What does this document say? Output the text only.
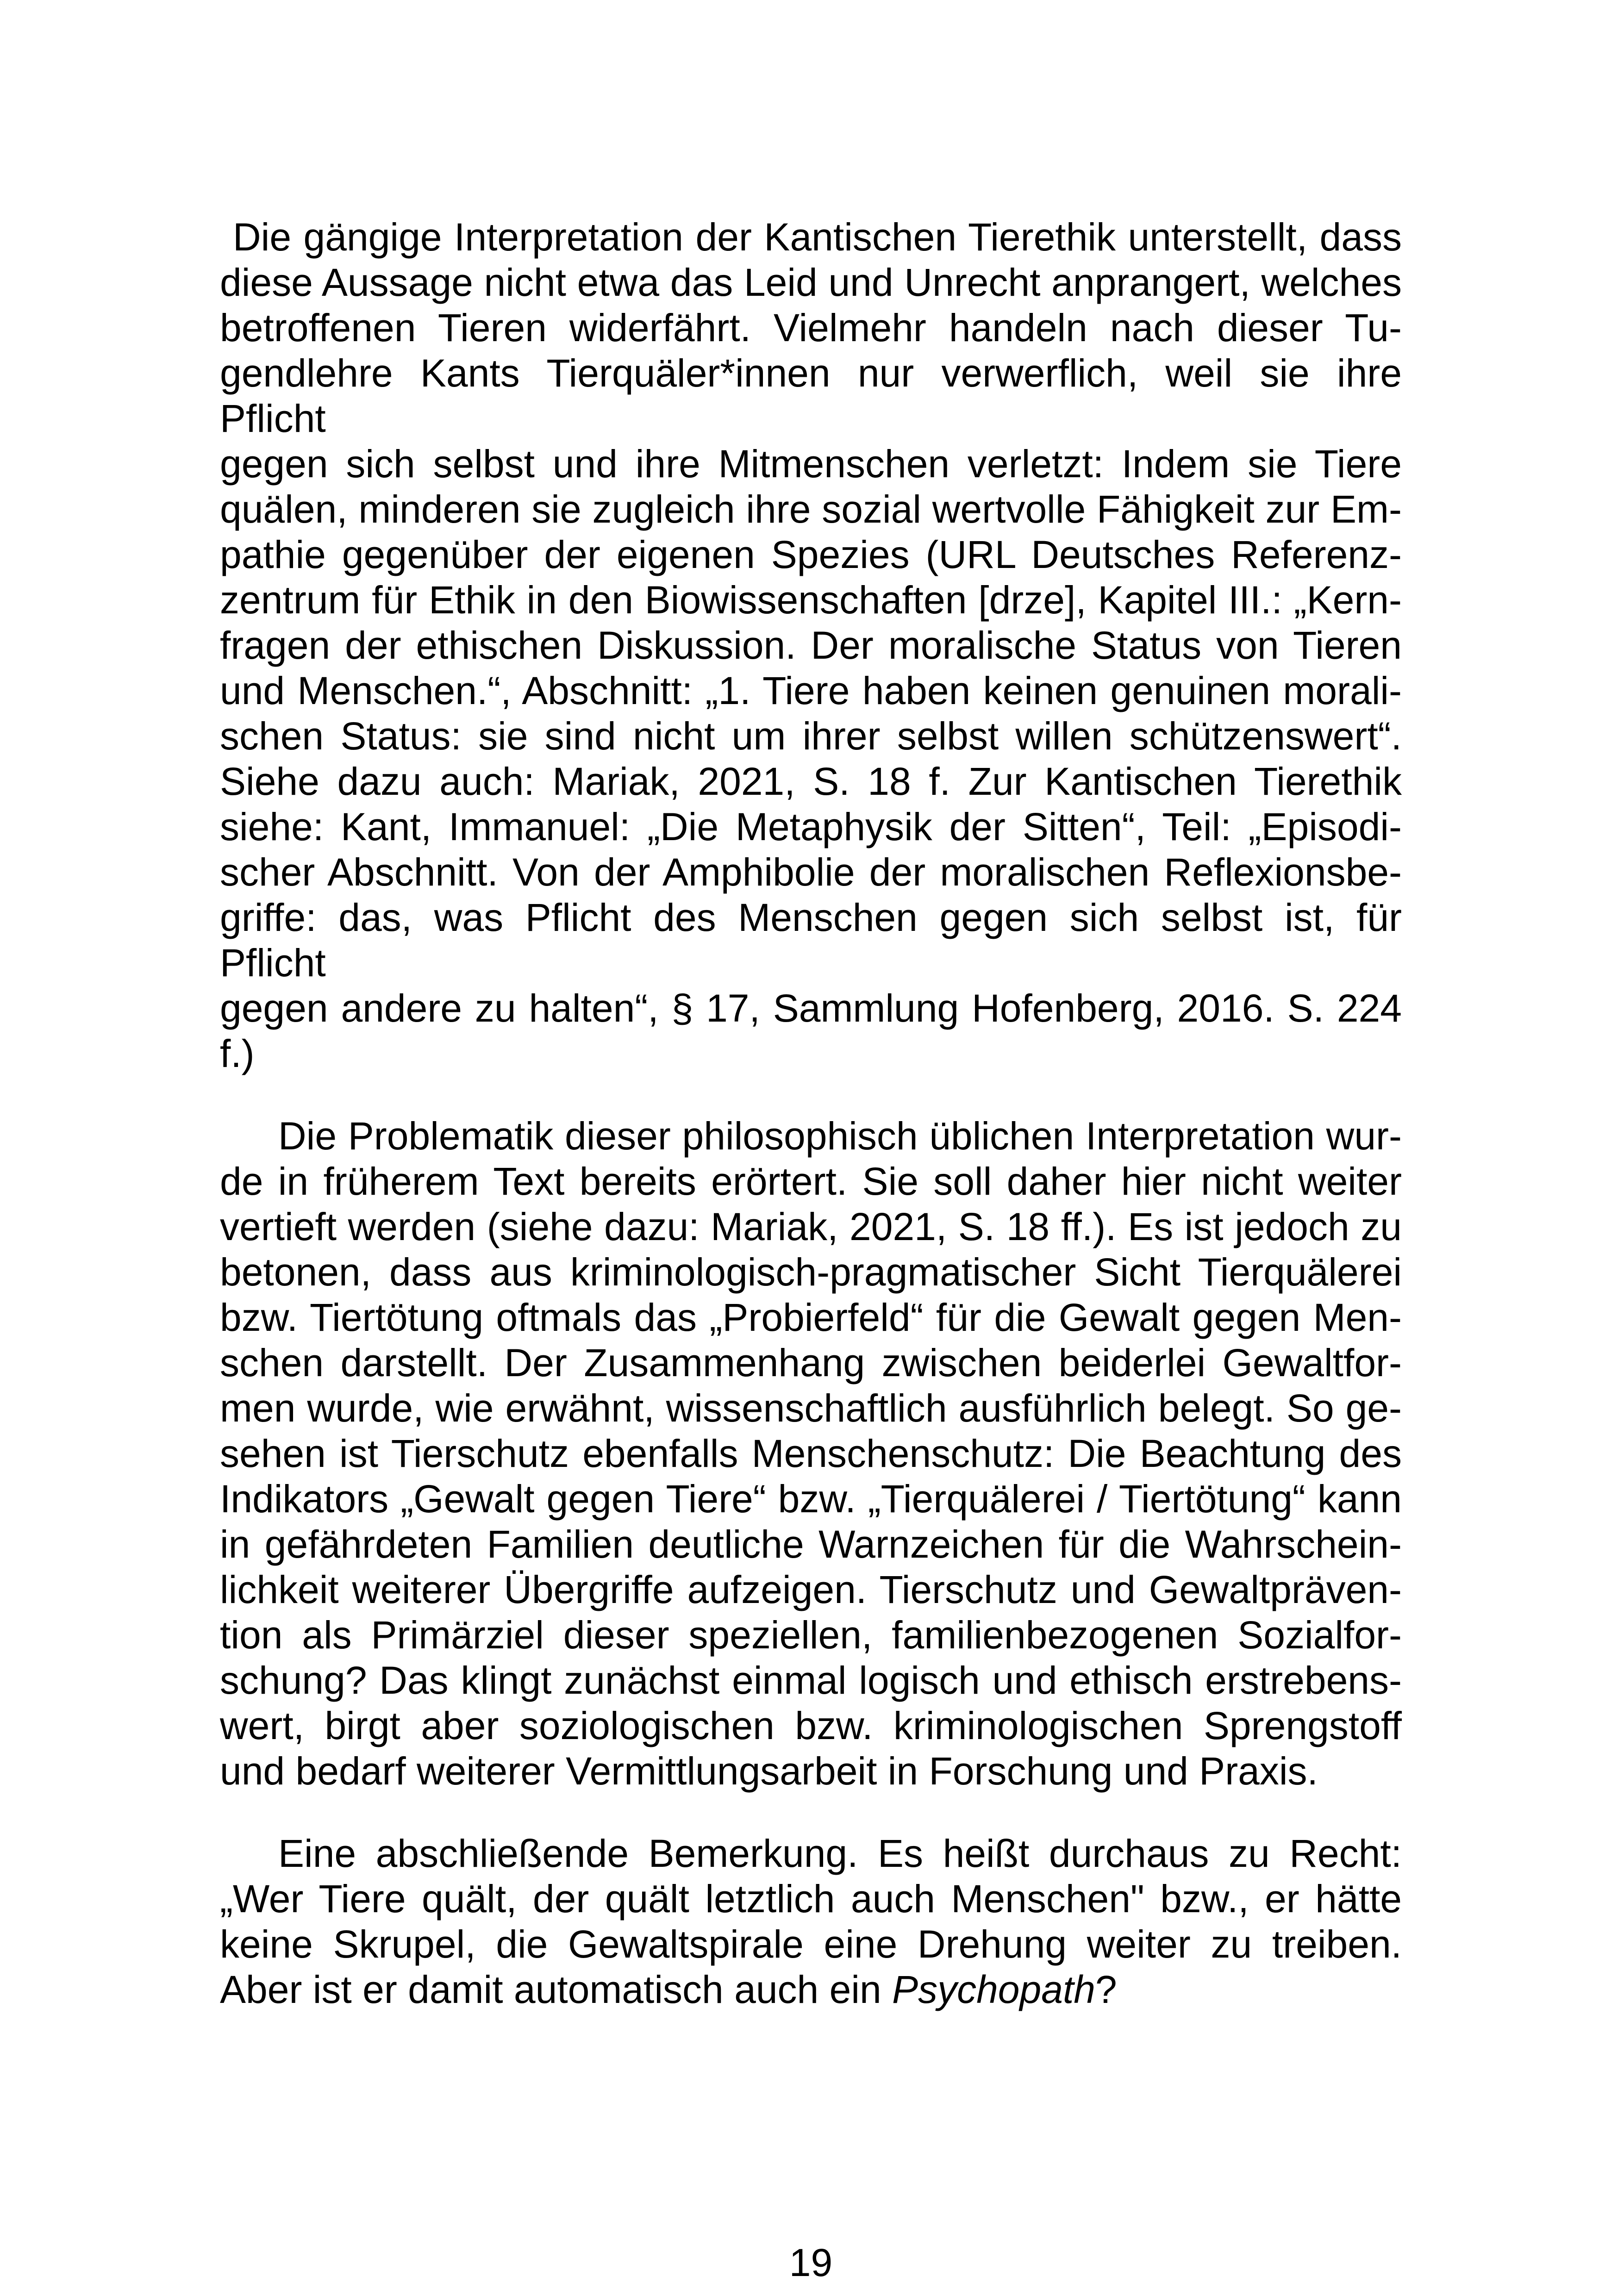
Die gängige Interpretation der Kantischen Tierethik unterstellt, dass
diese Aussage nicht etwa das Leid und Unrecht anprangert, welches
betroffenen Tieren widerfährt. Vielmehr handeln nach dieser Tu-
gendlehre Kants Tierquäler*innen nur verwerflich, weil sie ihre Pflicht
gegen sich selbst und ihre Mitmenschen verletzt: Indem sie Tiere
quälen, minderen sie zugleich ihre sozial wertvolle Fähigkeit zur Em-
pathie gegenüber der eigenen Spezies (URL Deutsches Referenz-
zentrum für Ethik in den Biowissenschaften [drze], Kapitel III.: „Kern-
fragen der ethischen Diskussion. Der moralische Status von Tieren
und Menschen.“, Abschnitt: „1. Tiere haben keinen genuinen morali-
schen Status: sie sind nicht um ihrer selbst willen schützenswert“.
Siehe dazu auch: Mariak, 2021, S. 18 f. Zur Kantischen Tierethik
siehe: Kant, Immanuel: „Die Metaphysik der Sitten“, Teil: „Episodi-
scher Abschnitt. Von der Amphibolie der moralischen Reflexionsbe-
griffe: das, was Pflicht des Menschen gegen sich selbst ist, für Pflicht
gegen andere zu halten“, § 17, Sammlung Hofenberg, 2016. S. 224
f.)
Die Problematik dieser philosophisch üblichen Interpretation wur-
de in früherem Text bereits erörtert. Sie soll daher hier nicht weiter
vertieft werden (siehe dazu: Mariak, 2021, S. 18 ff.). Es ist jedoch zu
betonen, dass aus kriminologisch-pragmatischer Sicht Tierquälerei
bzw. Tiertötung oftmals das „Probierfeld“ für die Gewalt gegen Men-
schen darstellt. Der Zusammenhang zwischen beiderlei Gewaltfor-
men wurde, wie erwähnt, wissenschaftlich ausführlich belegt. So ge-
sehen ist Tierschutz ebenfalls Menschenschutz: Die Beachtung des
Indikators „Gewalt gegen Tiere“ bzw. „Tierquälerei / Tiertötung“ kann
in gefährdeten Familien deutliche Warnzeichen für die Wahrschein-
lichkeit weiterer Übergriffe aufzeigen. Tierschutz und Gewaltpräven-
tion als Primärziel dieser speziellen, familienbezogenen Sozialfor-
schung? Das klingt zunächst einmal logisch und ethisch erstrebens-
wert, birgt aber soziologischen bzw. kriminologischen Sprengstoff
und bedarf weiterer Vermittlungsarbeit in Forschung und Praxis.
Eine abschließende Bemerkung. Es heißt durchaus zu Recht:
„Wer Tiere quält, der quält letztlich auch Menschen" bzw., er hätte
keine Skrupel, die Gewaltspirale eine Drehung weiter zu treiben.
Aber ist er damit automatisch auch ein Psychopath?
19
